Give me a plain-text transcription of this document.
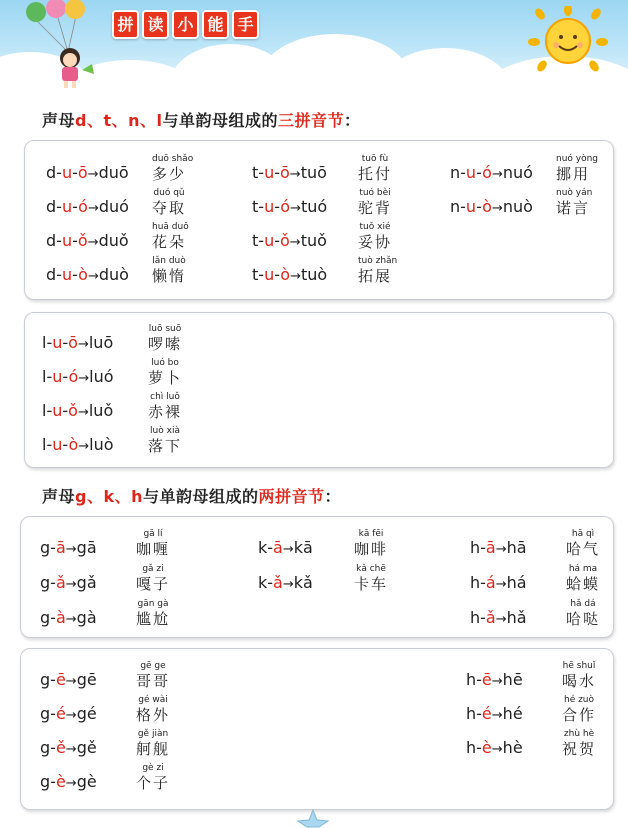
拼 读 小 能 手
声母d、t、n、l与单韵母组成的三拼音节：
声母g、k、h与单韵母组成的两拼音节：
d-u-ō→duō
duō shǎo
多少
d-u-ó→duó
duó qǔ
夺取
d-u-ǒ→duǒ
huā duǒ
花朵
d-u-ò→duò
lǎn duò
懒惰
t-u-ō→tuō
tuō fù
托付
t-u-ó→tuó
tuó bèi
驼背
t-u-ǒ→tuǒ
tuǒ xié
妥协
t-u-ò→tuò
tuò zhǎn
拓展
n-u-ó→nuó
nuó yòng
挪用
n-u-ò→nuò
nuò yán
诺言
l-u-ō→luō
luō suō
啰嗦
l-u-ó→luó
luó bo
萝卜
l-u-ǒ→luǒ
chì luǒ
赤裸
l-u-ò→luò
luò xià
落下
g-ā→gā
gā lí
咖喱
g-ǎ→gǎ
gǎ zi
嘎子
g-à→gà
gān gà
尴尬
k-ā→kā
kā fēi
咖啡
k-ǎ→kǎ
kǎ chē
卡车
h-ā→hā
hā qì
哈气
h-á→há
há ma
蛤蟆
h-ǎ→hǎ
hǎ dá
哈哒
g-ē→gē
gē ge
哥哥
g-é→gé
gé wài
格外
g-ě→gě
gě jiàn
舸舰
g-è→gè
gè zi
个子
h-ē→hē
hē shuǐ
喝水
h-é→hé
hé zuò
合作
h-è→hè
zhù hè
祝贺
